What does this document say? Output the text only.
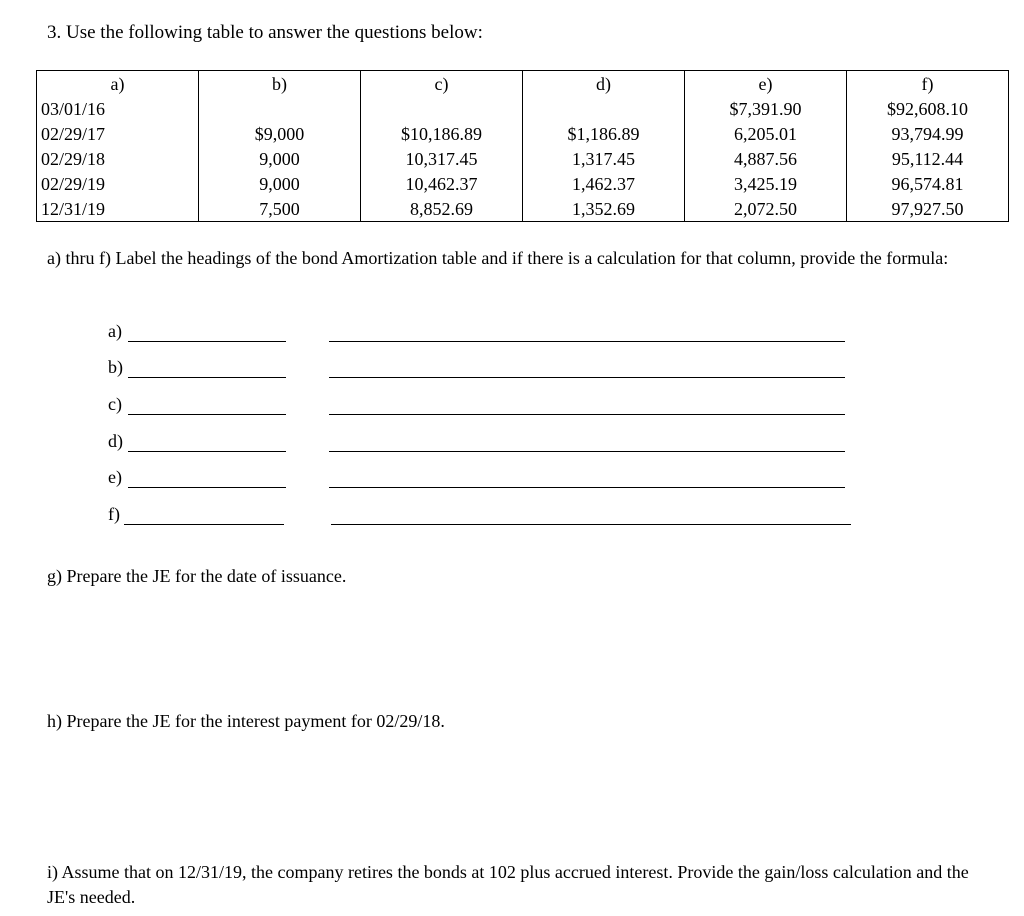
3. Use the following table to answer the questions below:
a)	b)	c)	d)	e)	f)
03/01/16				$7,391.90	$92,608.10
02/29/17	$9,000	$10,186.89	$1,186.89	6,205.01	93,794.99
02/29/18	9,000	10,317.45	1,317.45	4,887.56	95,112.44
02/29/19	9,000	10,462.37	1,462.37	3,425.19	96,574.81
12/31/19	7,500	8,852.69	1,352.69	2,072.50	97,927.50
a) thru f) Label the headings of the bond Amortization table and if there is a calculation for that column, provide the formula:
a)
b)
c)
d)
e)
f)
g) Prepare the JE for the date of issuance.
h) Prepare the JE for the interest payment for 02/29/18.
i) Assume that on 12/31/19, the company retires the bonds at 102 plus accrued interest. Provide the gain/loss calculation and the JE's needed.
